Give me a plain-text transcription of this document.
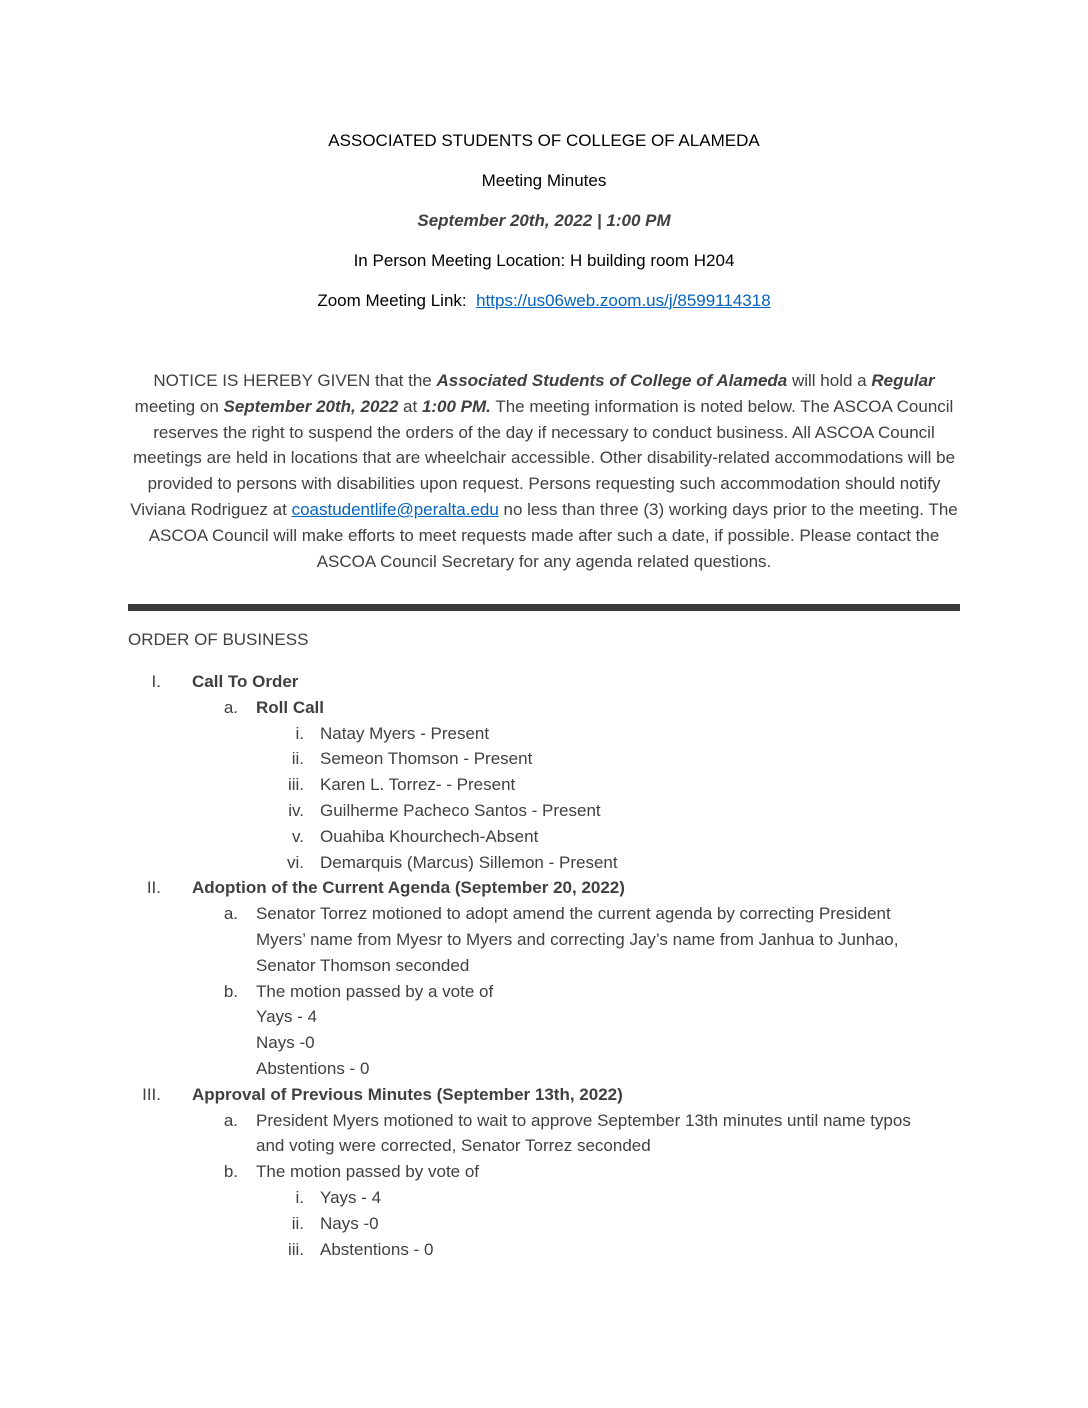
ASSOCIATED STUDENTS OF COLLEGE OF ALAMEDA
Meeting Minutes
September 20th, 2022 | 1:00 PM
In Person Meeting Location: H building room H204
Zoom Meeting Link: https://us06web.zoom.us/j/8599114318
NOTICE IS HEREBY GIVEN that the Associated Students of College of Alameda will hold a Regular meeting on September 20th, 2022 at 1:00 PM. The meeting information is noted below. The ASCOA Council reserves the right to suspend the orders of the day if necessary to conduct business. All ASCOA Council meetings are held in locations that are wheelchair accessible. Other disability-related accommodations will be provided to persons with disabilities upon request. Persons requesting such accommodation should notify Viviana Rodriguez at coastudentlife@peralta.edu no less than three (3) working days prior to the meeting. The ASCOA Council will make efforts to meet requests made after such a date, if possible. Please contact the ASCOA Council Secretary for any agenda related questions.
ORDER OF BUSINESS
I. Call To Order
a. Roll Call
i. Natay Myers - Present
ii. Semeon Thomson - Present
iii. Karen L. Torrez- - Present
iv. Guilherme Pacheco Santos - Present
v. Ouahiba Khourchech-Absent
vi. Demarquis (Marcus) Sillemon - Present
II. Adoption of the Current Agenda (September 20, 2022)
a. Senator Torrez motioned to adopt amend the current agenda by correcting President
Myers’ name from Myesr to Myers and correcting Jay’s name from Janhua to Junhao,
Senator Thomson seconded
b. The motion passed by a vote of
Yays - 4
Nays -0
Abstentions - 0
III. Approval of Previous Minutes (September 13th, 2022)
a. President Myers motioned to wait to approve September 13th minutes until name typos
and voting were corrected, Senator Torrez seconded
b. The motion passed by vote of
i. Yays - 4
ii. Nays -0
iii. Abstentions - 0
